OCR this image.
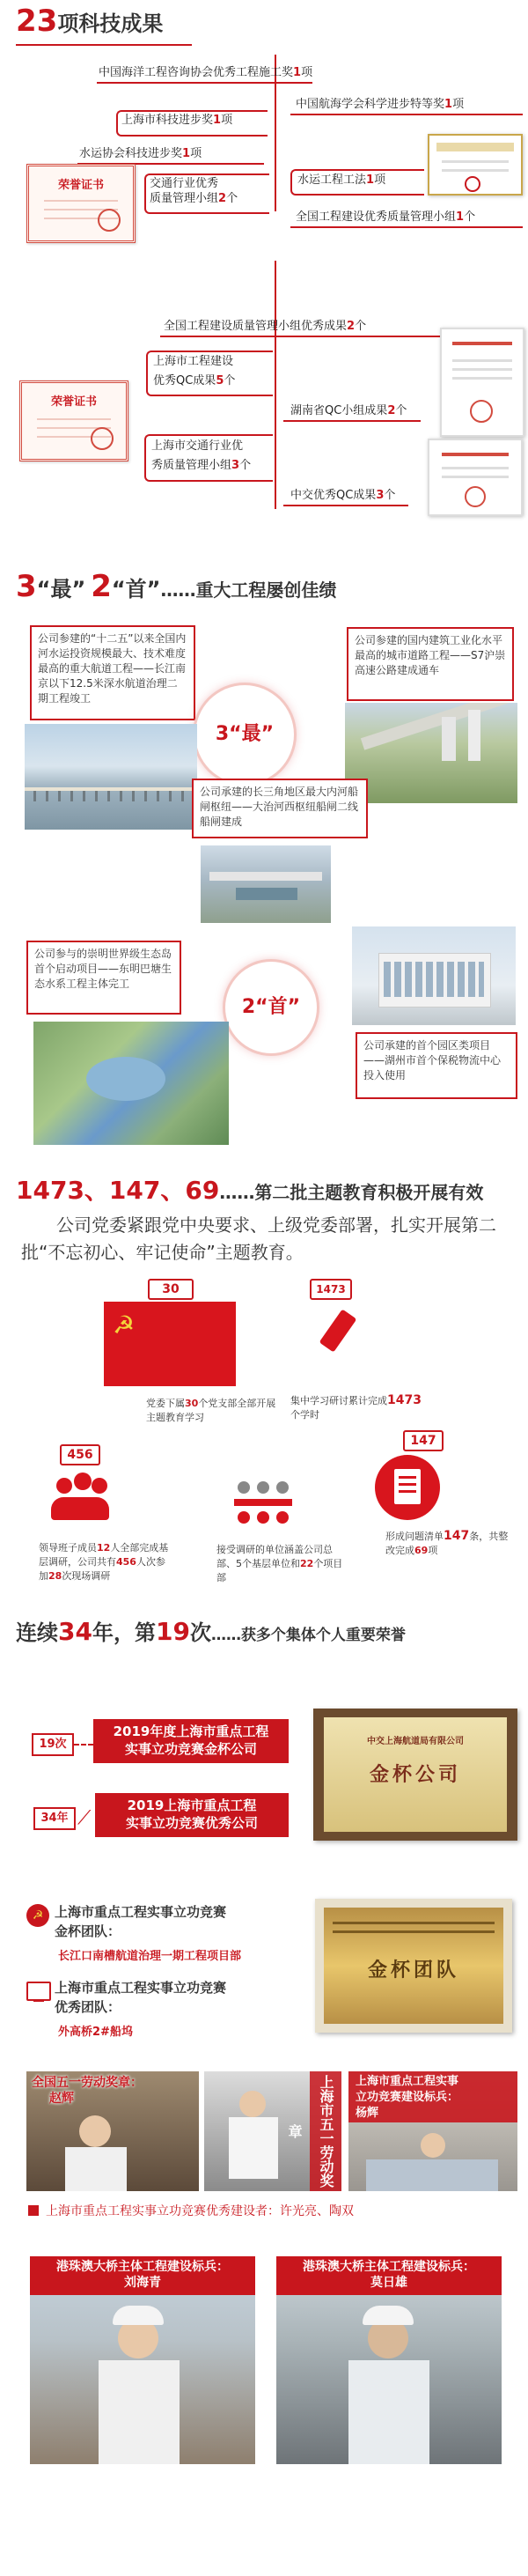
23项科技成果
中国海洋工程咨询协会优秀工程施工奖1项
中国航海学会科学进步特等奖1项
上海市科技进步奖1项
水运协会科技进步奖1项
水运工程工法1项
交通行业优秀
质量管理小组2个
全国工程建设优秀质量管理小组1个
荣誉证书
全国工程建设质量管理小组优秀成果2个
上海市工程建设
优秀QC成果5个
湖南省QC小组成果2个
上海市交通行业优
秀质量管理小组3个
中交优秀QC成果3个
荣誉证书
3“最” 2“首”……重大工程屡创佳绩
公司参建的“十二五”以来全国内河水运投资规模最大、技术难度最高的重大航道工程——长江南京以下12.5米深水航道治理二期工程竣工
公司参建的国内建筑工业化水平最高的城市道路工程——S7沪崇高速公路建成通车
3“最”
公司承建的长三角地区最大内河船闸枢纽——大治河西枢纽船闸二线船闸建成
公司参与的崇明世界级生态岛首个启动项目——东明巴塘生态水系工程主体完工
2“首”
公司承建的首个园区类项目——湖州市首个保税物流中心投入使用
1473、147、69……第二批主题教育积极开展有效
公司党委紧跟党中央要求、上级党委部署，扎实开展第二批“不忘初心、牢记使命”主题教育。
30
☭
党委下属30个党支部全部开展主题教育学习
1473
集中学习研讨累计完成1473个学时
456
领导班子成员12人全部完成基层调研，公司共有456人次参加28次现场调研
接受调研的单位涵盖公司总部、5个基层单位和22个项目部
147
形成问题清单147条，共整改完成69项
连续34年，第19次……获多个集体个人重要荣誉
19次
2019年度上海市重点工程
实事立功竞赛金杯公司
34年 ⟋
2019上海市重点工程
实事立功竞赛优秀公司
中交上海航道局有限公司
金杯公司
☭ 上海市重点工程实事立功竞赛
金杯团队：
长江口南槽航道治理一期工程项目部
上海市重点工程实事立功竞赛
优秀团队：
外高桥2#船坞
金杯团队
全国五一劳动奖章：
赵辉	上海市五一劳动奖章
上海市重点工程实事
立功竞赛建设标兵：
杨辉
上海市重点工程实事立功竞赛优秀建设者：许光亮、陶双
港珠澳大桥主体工程建设标兵：
刘海青
港珠澳大桥主体工程建设标兵：
莫日雄
